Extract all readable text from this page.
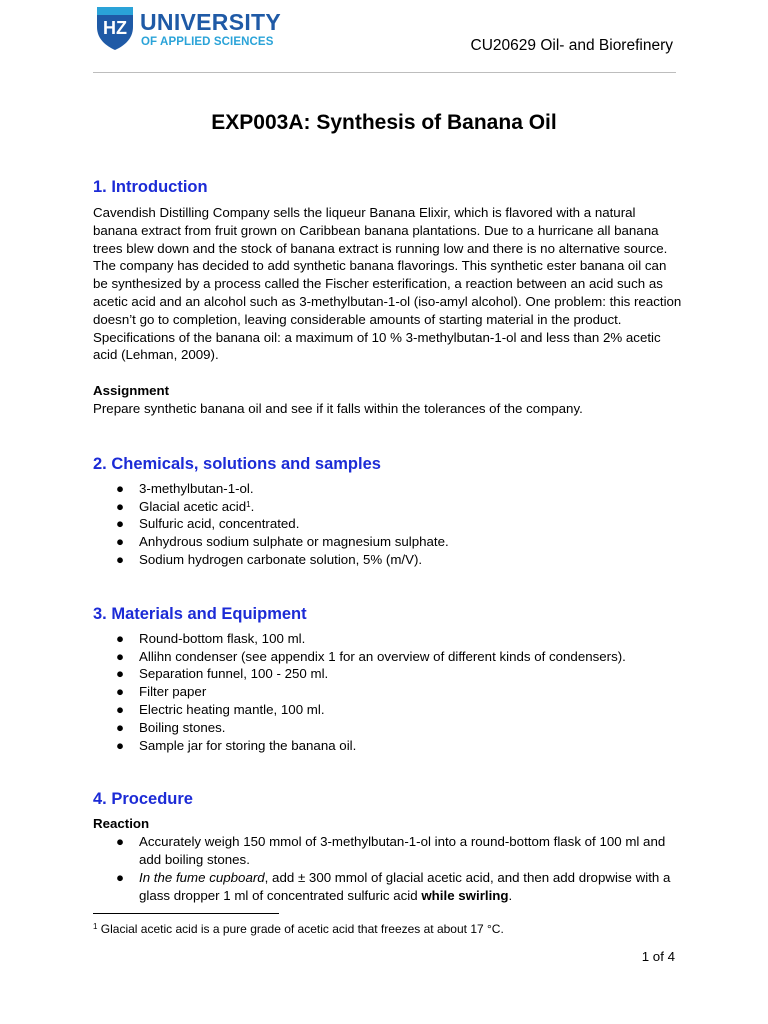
HZ UNIVERSITY
OF APPLIED SCIENCES	CU20629 Oil- and Biorefinery
EXP003A: Synthesis of Banana Oil
1. Introduction

Cavendish Distilling Company sells the liqueur Banana Elixir, which is flavored with a natural banana extract from fruit grown on Caribbean banana plantations. Due to a hurricane all banana trees blew down and the stock of banana extract is running low and there is no alternative source. The company has decided to add synthetic banana flavorings. This synthetic ester banana oil can be synthesized by a process called the Fischer esterification, a reaction between an acid such as acetic acid and an alcohol such as 3-methylbutan-1-ol (iso-amyl alcohol). One problem: this reaction doesn’t go to completion, leaving considerable amounts of starting material in the product. Specifications of the banana oil: a maximum of 10 % 3-methylbutan-1-ol and less than 2% acetic acid (Lehman, 2009).

Assignment

Prepare synthetic banana oil and see if it falls within the tolerances of the company.

2. Chemicals, solutions and samples
● 3-methylbutan-1-ol.
● Glacial acetic acid$^1$.
● Sulfuric acid, concentrated.
● Anhydrous sodium sulphate or magnesium sulphate.
● Sodium hydrogen carbonate solution, 5% (m/V).
3. Materials and Equipment
● Round-bottom flask, 100 ml.
● Allihn condenser (see appendix 1 for an overview of different kinds of condensers).
● Separation funnel, 100 - 250 ml.
● Filter paper
● Electric heating mantle, 100 ml.
● Boiling stones.
● Sample jar for storing the banana oil.
4. Procedure
Reaction
● Accurately weigh 150 mmol of 3-methylbutan-1-ol into a round-bottom flask of 100 ml and add boiling stones.
● In the fume cupboard, add ± 300 mmol of glacial acetic acid, and then add dropwise with a glass dropper 1 ml of concentrated sulfuric acid while swirling.
$^1$ Glacial acetic acid is a pure grade of acetic acid that freezes at about 17 °C.
1 of 4
